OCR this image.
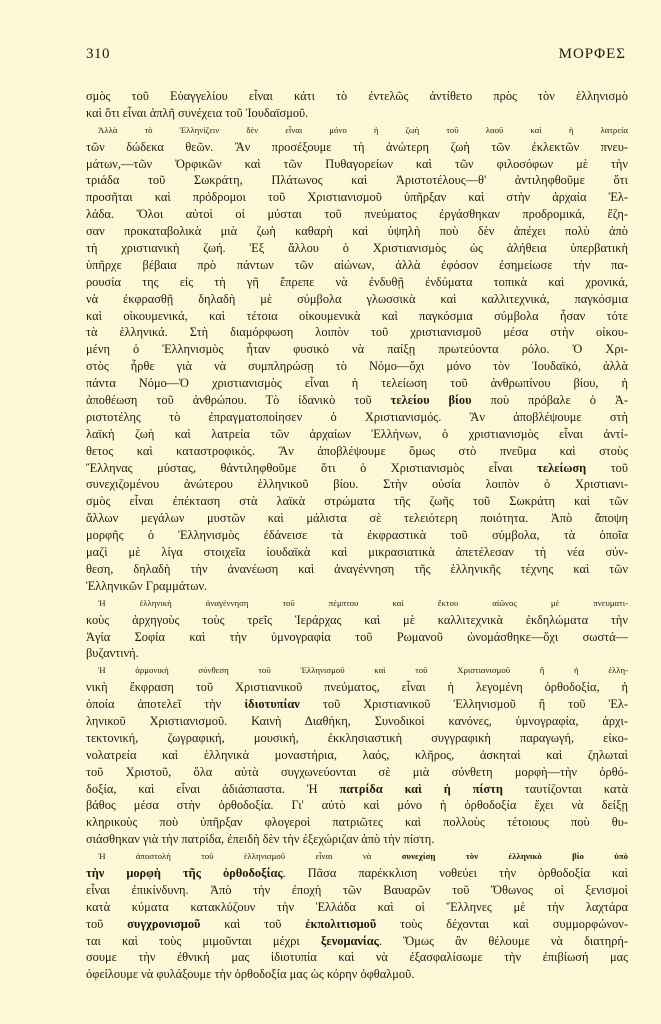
310	ΜΟΡΦΕΣ
σμὸς τοῦ Εὐαγγελίου εἶναι κάτι τὸ ἐντελῶς ἀντίθετο πρὸς τὸν ἑλληνισμὸ
καὶ ὅτι εἶναι ἁπλῆ συνέχεια τοῦ Ἰουδαϊσμοῦ.
Ἀλλὰ τὸ Ἑλληνίζειν δὲν εἶναι μόνο ἡ ζωὴ τοῦ λαοῦ καὶ ἡ λατρεία
τῶν δώδεκα θεῶν. Ἂν προσέξουμε τὴ ἀνώτερη ζωὴ τῶν ἐκλεκτῶν πνευ-
μάτων,—τῶν Ὀρφικῶν καὶ τῶν Πυθαγορείων καὶ τῶν φιλοσόφων μὲ τὴν
τριάδα τοῦ Σωκράτη, Πλάτωνος καὶ Ἀριστοτέλους—θ' ἀντιληφθοῦμε ὅτι
προσῆται καὶ πρόδρομοι τοῦ Χριστιανισμοῦ ὑπῆρξαν καὶ στὴν ἀρχαία Ἑλ-
λάδα. Ὅλοι αὐτοὶ οἱ μύσται τοῦ πνεύματος ἐργάσθηκαν προδρομικά, ἔζη-
σαν προκαταβολικὰ μιὰ ζωὴ καθαρὴ καὶ ὑψηλὴ ποὺ δὲν ἀπέχει πολὺ ἀπὸ
τὴ χριστιανικὴ ζωή. Ἐξ ἄλλου ὁ Χριστιανισμὸς ὡς ἀλήθεια ὑπερβατικὴ
ὑπῆρχε βέβαια πρὸ πάντων τῶν αἰώνων, ἀλλὰ ἐφόσον ἐσημείωσε τὴν πα-
ρουσία της εἰς τὴ γῆ ἔπρεπε νὰ ἐνδυθῇ ἐνδύματα τοπικὰ καὶ χρονικά,
νὰ ἐκφρασθῇ δηλαδὴ μὲ σύμβολα γλωσσικὰ καὶ καλλιτεχνικά, παγκόσμια
καὶ οἰκουμενικά, καὶ τέτοια οἰκουμενικὰ καὶ παγκόσμια σύμβολα ἦσαν τότε
τὰ ἑλληνικά. Στὴ διαμόρφωση λοιπὸν τοῦ χριστιανισμοῦ μέσα στὴν οἰκου-
μένη ὁ Ἑλληνισμὸς ἦταν φυσικὸ νὰ παίξῃ πρωτεύοντα ρόλο. Ὁ Χρι-
στὸς ἦρθε γιὰ νὰ συμπληρώσῃ τὸ Νόμο—ὄχι μόνο τὸν Ἰουδαϊκό, ἀλλὰ
πάντα Νόμο—Ὁ χριστιανισμὸς εἶναι ἡ τελείωση τοῦ ἀνθρωπίνου βίου, ἡ
ἀποθέωση τοῦ ἀνθρώπου. Τὸ ἰδανικὸ τοῦ τελείου βίου ποὺ πρόβαλε ὁ Ἀ-
ριστοτέλης τὸ ἐπραγματοποίησεν ὁ Χριστιανισμός. Ἂν ἀποβλέψουμε στὴ
λαϊκὴ ζωὴ καὶ λατρεία τῶν ἀρχαίων Ἑλλήνων, ὁ χριστιανισμὸς εἶναι ἀντί-
θετος καὶ καταστροφικός. Ἂν ἀποβλέψουμε ὅμως στὸ πνεῦμα καὶ στοὺς
Ἕλληνας μύστας, θἀντιληφθοῦμε ὅτι ὁ Χριστιανισμὸς εἶναι τελείωση τοῦ
συνεχιζομένου ἀνώτερου ἑλληνικοῦ βίου. Στὴν οὐσία λοιπὸν ὁ Χριστιανι-
σμὸς εἶναι ἐπέκταση στὰ λαϊκὰ στρώματα τῆς ζωῆς τοῦ Σωκράτη καὶ τῶν
ἄλλων μεγάλων μυστῶν καὶ μάλιστα σὲ τελειότερη ποιότητα. Ἀπὸ ἄποψη
μορφῆς ὁ Ἑλληνισμὸς ἐδάνεισε τὰ ἐκφραστικὰ τοῦ σύμβολα, τὰ ὁποῖα
μαζὶ μὲ λίγα στοιχεῖα ἰουδαϊκὰ καὶ μικρασιατικὰ ἀπετέλεσαν τὴ νέα σύν-
θεση, δηλαδὴ τὴν ἀνανέωση καὶ ἀναγέννηση τῆς ἑλληνικῆς τέχνης καὶ τῶν
Ἑλληνικῶν Γραμμάτων.
Ἡ ἑλληνικὴ ἀναγέννηση τοῦ πέμπτου καὶ ἕκτου αἰῶνος μὲ πνευματι-
κοὺς ἀρχηγοὺς τοὺς τρεῖς Ἱεράρχας καὶ μὲ καλλιτεχνικὰ ἐκδηλώματα τὴν
Ἁγία Σοφία καὶ τὴν ὑμνογραφία τοῦ Ρωμανοῦ ὠνομάσθηκε—ὄχι σωστά—
βυζαντινή.
Ἡ ἁρμονικὴ σύνθεση τοῦ Ἑλληνισμοῦ καὶ τοῦ Χριστιανισμοῦ ἢ ἡ ἑλλη-
νικὴ ἔκφραση τοῦ Χριστιανικοῦ πνεύματος, εἶναι ἡ λεγομένη ὀρθοδοξία, ἡ
ὁποία ἀποτελεῖ τὴν ἰδιοτυπίαν τοῦ Χριστιανικοῦ Ἑλληνισμοῦ ἢ τοῦ Ἑλ-
ληνικοῦ Χριστιανισμοῦ. Καινὴ Διαθήκη, Συνοδικοὶ κανόνες, ὑμνογραφία, ἀρχι-
τεκτονική, ζωγραφική, μουσική, ἐκκλησιαστικὴ συγγραφικὴ παραγωγή, εἰκο-
νολατρεία καὶ ἑλληνικὰ μοναστήρια, λαός, κλῆρος, ἀσκηταὶ καὶ ζηλωταὶ
τοῦ Χριστοῦ, ὅλα αὐτὰ συγχωνεύονται σὲ μιὰ σύνθετη μορφὴ—τὴν ὀρθό-
δοξία, καὶ εἶναι ἀδιάσπαστα. Ἡ πατρίδα καὶ ἡ πίστη ταυτίζονται κατὰ
βάθος μέσα στὴν ὀρθοδοξία. Γι' αὐτὸ καὶ μόνο ἡ ὀρθοδοξία ἔχει νὰ δείξῃ
κληρικοὺς ποὺ ὑπῆρξαν φλογεροὶ πατριῶτες καὶ πολλοὺς τέτοιους ποὺ θυ-
σιάσθηκαν γιὰ τὴν πατρίδα, ἐπειδὴ δὲν τὴν ἐξεχώριζαν ἀπὸ τὴν πίστη.
Ἡ ἀποστολὴ τοῦ ἑλληνισμοῦ εἶναι νὰ συνεχίσῃ τὸν ἑλληνικὸ βίο ὑπὸ
τὴν μορφὴ τῆς ὀρθοδοξίας. Πᾶσα παρέκκλιση νοθεύει τὴν ὀρθοδοξία καὶ
εἶναι ἐπικίνδυνη. Ἀπὸ τὴν ἐποχὴ τῶν Βαυαρῶν τοῦ Ὄθωνος οἱ ξενισμοὶ
κατὰ κύματα κατακλύζουν τὴν Ἑλλάδα καὶ οἱ Ἕλληνες μὲ τὴν λαχτάρα
τοῦ συγχρονισμοῦ καὶ τοῦ ἐκπολιτισμοῦ τοὺς δέχονται καὶ συμμορφώνον-
ται καὶ τοὺς μιμοῦνται μέχρι ξενομανίας. Ὅμως ἂν θέλουμε νὰ διατηρή-
σουμε τὴν ἐθνική μας ἰδιοτυπία καὶ νὰ ἐξασφαλίσωμε τὴν ἐπιβίωσή μας
ὀφείλουμε νὰ φυλάξουμε τὴν ὀρθοδοξία μας ὡς κόρην ὀφθαλμοῦ.
